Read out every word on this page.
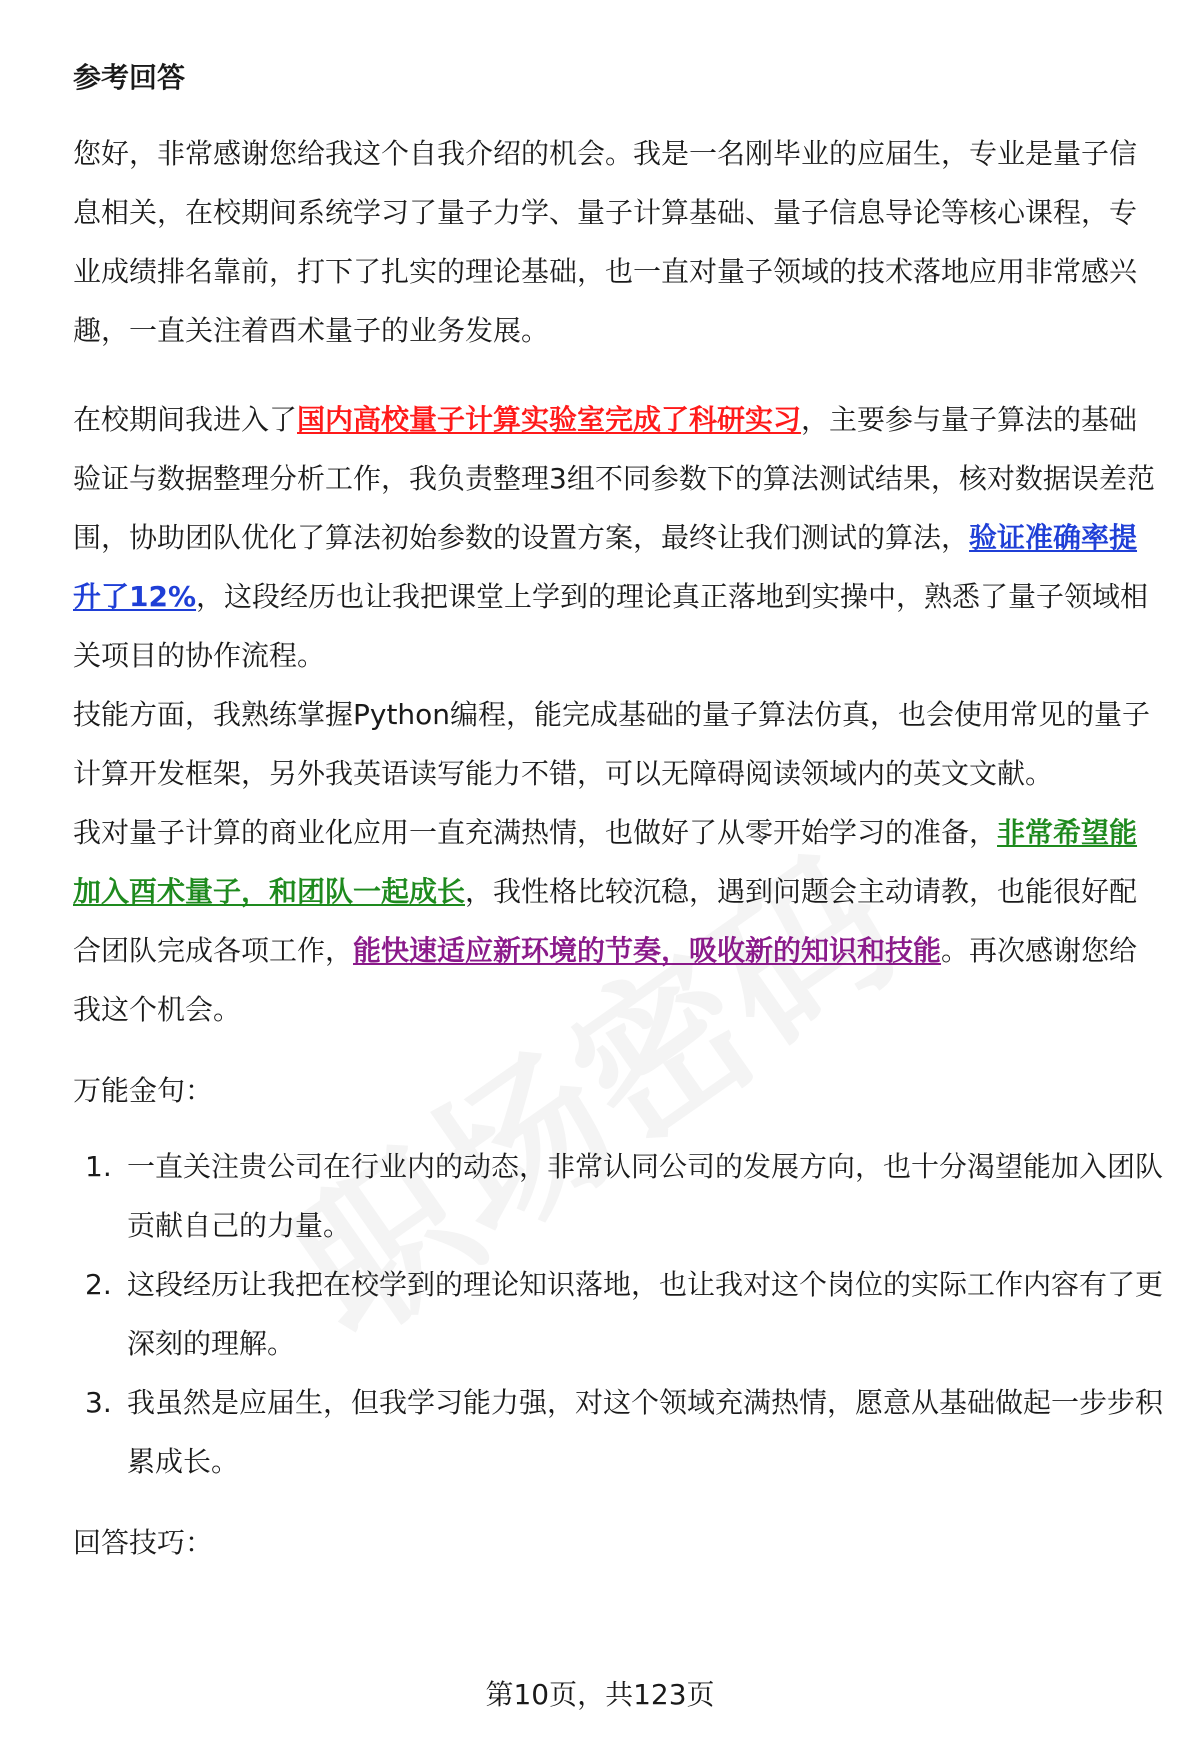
参考回答

您好，非常感谢您给我这个自我介绍的机会。我是一名刚毕业的应届生，专业是量子信息相关，在校期间系统学习了量子力学、量子计算基础、量子信息导论等核心课程，专业成绩排名靠前，打下了扎实的理论基础，也一直对量子领域的技术落地应用非常感兴趣，一直关注着酉术量子的业务发展。

在校期间我进入了国内高校量子计算实验室完成了科研实习，主要参与量子算法的基础验证与数据整理分析工作，我负责整理3组不同参数下的算法测试结果，核对数据误差范围，协助团队优化了算法初始参数的设置方案，最终让我们测试的算法，验证准确率提升了12%，这段经历也让我把课堂上学到的理论真正落地到实操中，熟悉了量子领域相关项目的协作流程。

技能方面，我熟练掌握Python编程，能完成基础的量子算法仿真，也会使用常见的量子计算开发框架，另外我英语读写能力不错，可以无障碍阅读领域内的英文文献。

我对量子计算的商业化应用一直充满热情，也做好了从零开始学习的准备，非常希望能加入酉术量子，和团队一起成长，我性格比较沉稳，遇到问题会主动请教，也能很好配合团队完成各项工作，能快速适应新环境的节奏，吸收新的知识和技能。再次感谢您给我这个机会。

万能金句：
1. 一直关注贵公司在行业内的动态，非常认同公司的发展方向，也十分渴望能加入团队贡献自己的力量。
2. 这段经历让我把在校学到的理论知识落地，也让我对这个岗位的实际工作内容有了更深刻的理解。
3. 我虽然是应届生，但我学习能力强，对这个领域充满热情，愿意从基础做起一步步积累成长。
回答技巧：
第10页，共123页
